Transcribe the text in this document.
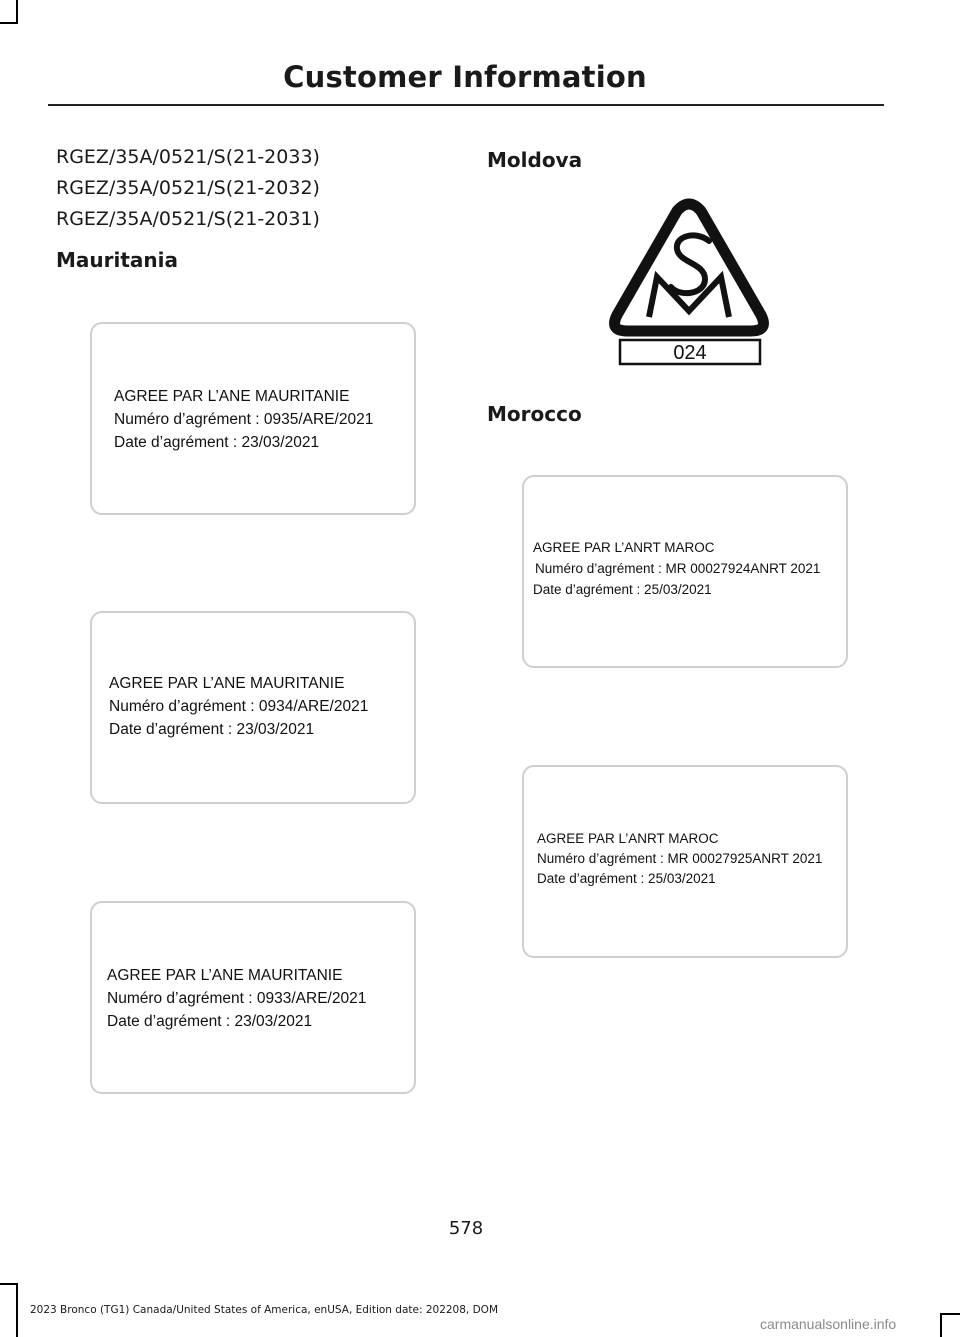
Customer Information
RGEZ/35A/0521/S(21-2033)
RGEZ/35A/0521/S(21-2032)
RGEZ/35A/0521/S(21-2031)
Mauritania
AGREE PAR L’ANE MAURITANIE
Numéro d’agrément : 0935/ARE/2021
Date d’agrément : 23/03/2021
AGREE PAR L’ANE MAURITANIE
Numéro d’agrément : 0934/ARE/2021
Date d’agrément : 23/03/2021
AGREE PAR L’ANE MAURITANIE
Numéro d’agrément : 0933/ARE/2021
Date d’agrément : 23/03/2021
Moldova
024
Morocco
AGREE PAR L’ANRT MAROC
Numéro d’agrément : MR 00027924ANRT 2021
Date d’agrément : 25/03/2021
AGREE PAR L’ANRT MAROC
Numéro d’agrément : MR 00027925ANRT 2021
Date d’agrément : 25/03/2021
578
2023 Bronco (TG1) Canada/United States of America, enUSA, Edition date: 202208, DOM
carmanualsonline.info
